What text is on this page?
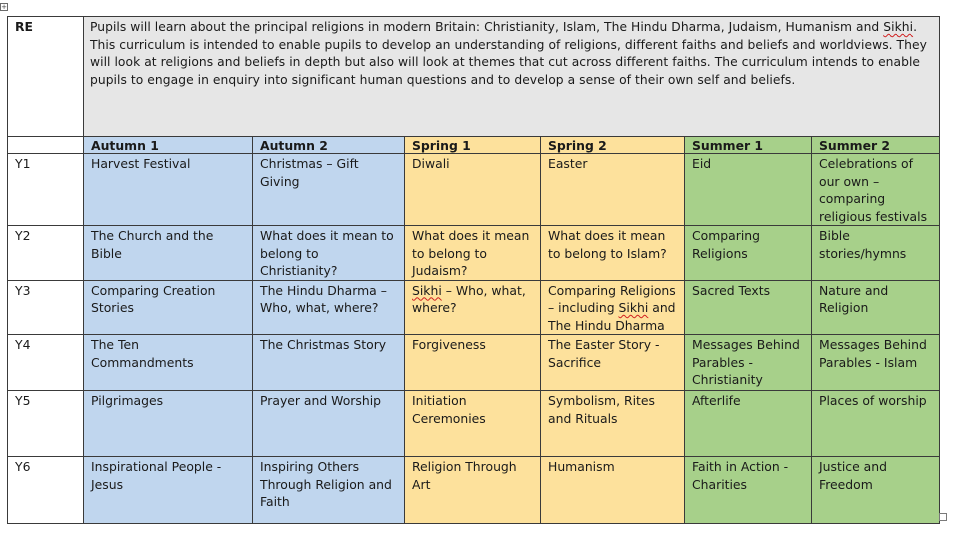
+
RE	Pupils will learn about the principal religions in modern Britain: Christianity, Islam, The Hindu Dharma, Judaism, Humanism and Sikhi. This curriculum is intended to enable pupils to develop an understanding of religions, different faiths and beliefs and worldviews. They will look at religions and beliefs in depth but also will look at themes that cut across different faiths. The curriculum intends to enable pupils to engage in enquiry into significant human questions and to develop a sense of their own self and beliefs.					
	Autumn 1	Autumn 2	Spring 1	Spring 2	Summer 1	Summer 2
Y1	Harvest Festival	Christmas – Gift Giving	Diwali	Easter	Eid	Celebrations of our own – comparing religious festivals
Y2	The Church and the Bible	What does it mean to belong to Christianity?	What does it mean to belong to Judaism?	What does it mean to belong to Islam?	Comparing Religions	Bible stories/hymns
Y3	Comparing Creation Stories	The Hindu Dharma – Who, what, where?	Sikhi – Who, what, where?	Comparing Religions – including Sikhi and The Hindu Dharma	Sacred Texts	Nature and Religion
Y4	The Ten Commandments	The Christmas Story	Forgiveness	The Easter Story - Sacrifice	Messages Behind Parables - Christianity	Messages Behind Parables - Islam
Y5	Pilgrimages	Prayer and Worship	Initiation Ceremonies	Symbolism, Rites and Rituals	Afterlife	Places of worship
Y6	Inspirational People - Jesus	Inspiring Others Through Religion and Faith	Religion Through Art	Humanism	Faith in Action - Charities	Justice and Freedom
